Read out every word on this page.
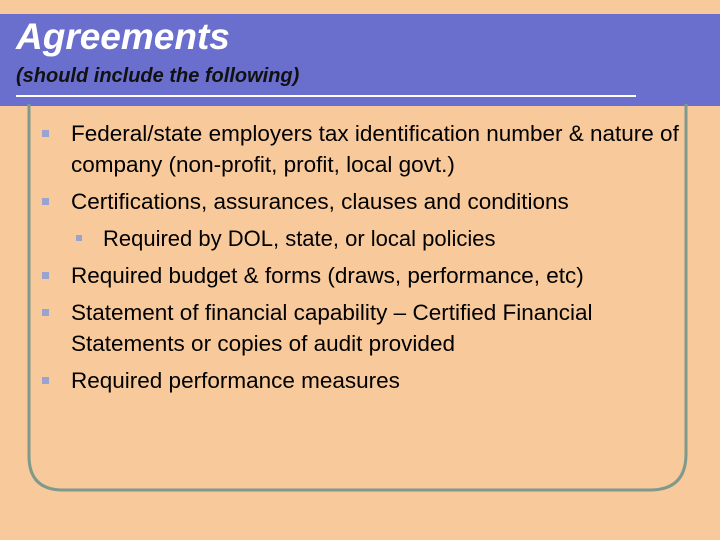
Agreements
(should include the following)
Federal/state employers tax identification number & nature of company (non-profit, profit, local govt.)
Certifications, assurances, clauses and conditions
Required by DOL, state, or local policies
Required budget & forms (draws, performance, etc)
Statement of financial capability – Certified Financial Statements or copies of audit provided
Required performance measures
